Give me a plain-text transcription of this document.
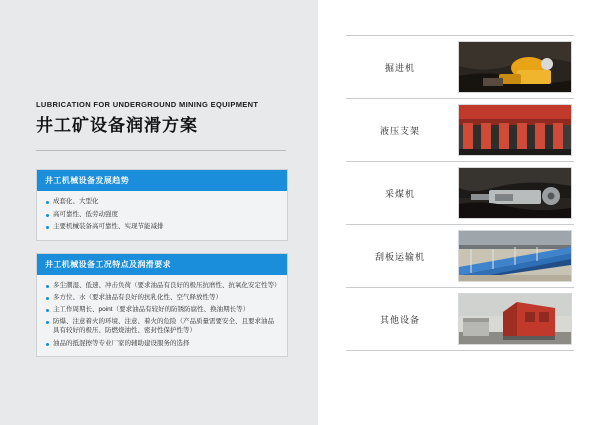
LUBRICATION FOR UNDERGROUND MINING EQUIPMENT
井工矿设备润滑方案
井工机械设备发展趋势
成套化、大型化
高可靠性、低劳动强度
主要机械装备高可靠性、实现节能减排
井工机械设备工况特点及润滑要求
多尘潮湿、低速、冲击负荷（要求油品有良好的极压抗磨性、抗氧化安定性等）
多方位、水（要求油品有良好的抗乳化性、空气释放性等）
主工作周期长、point（要求油品有较好的防锈防腐性、换油期长等）
防爆、注意着火的环境、注意、着火的危险（产品质量需要安全、且要求油品具有较好的极压、防燃烧油性、密封性保护性等）
油品的抵混擦等专业厂家的辅助建设服务的选择
掘进机
液压支架
采煤机
刮板运输机
其他设备
